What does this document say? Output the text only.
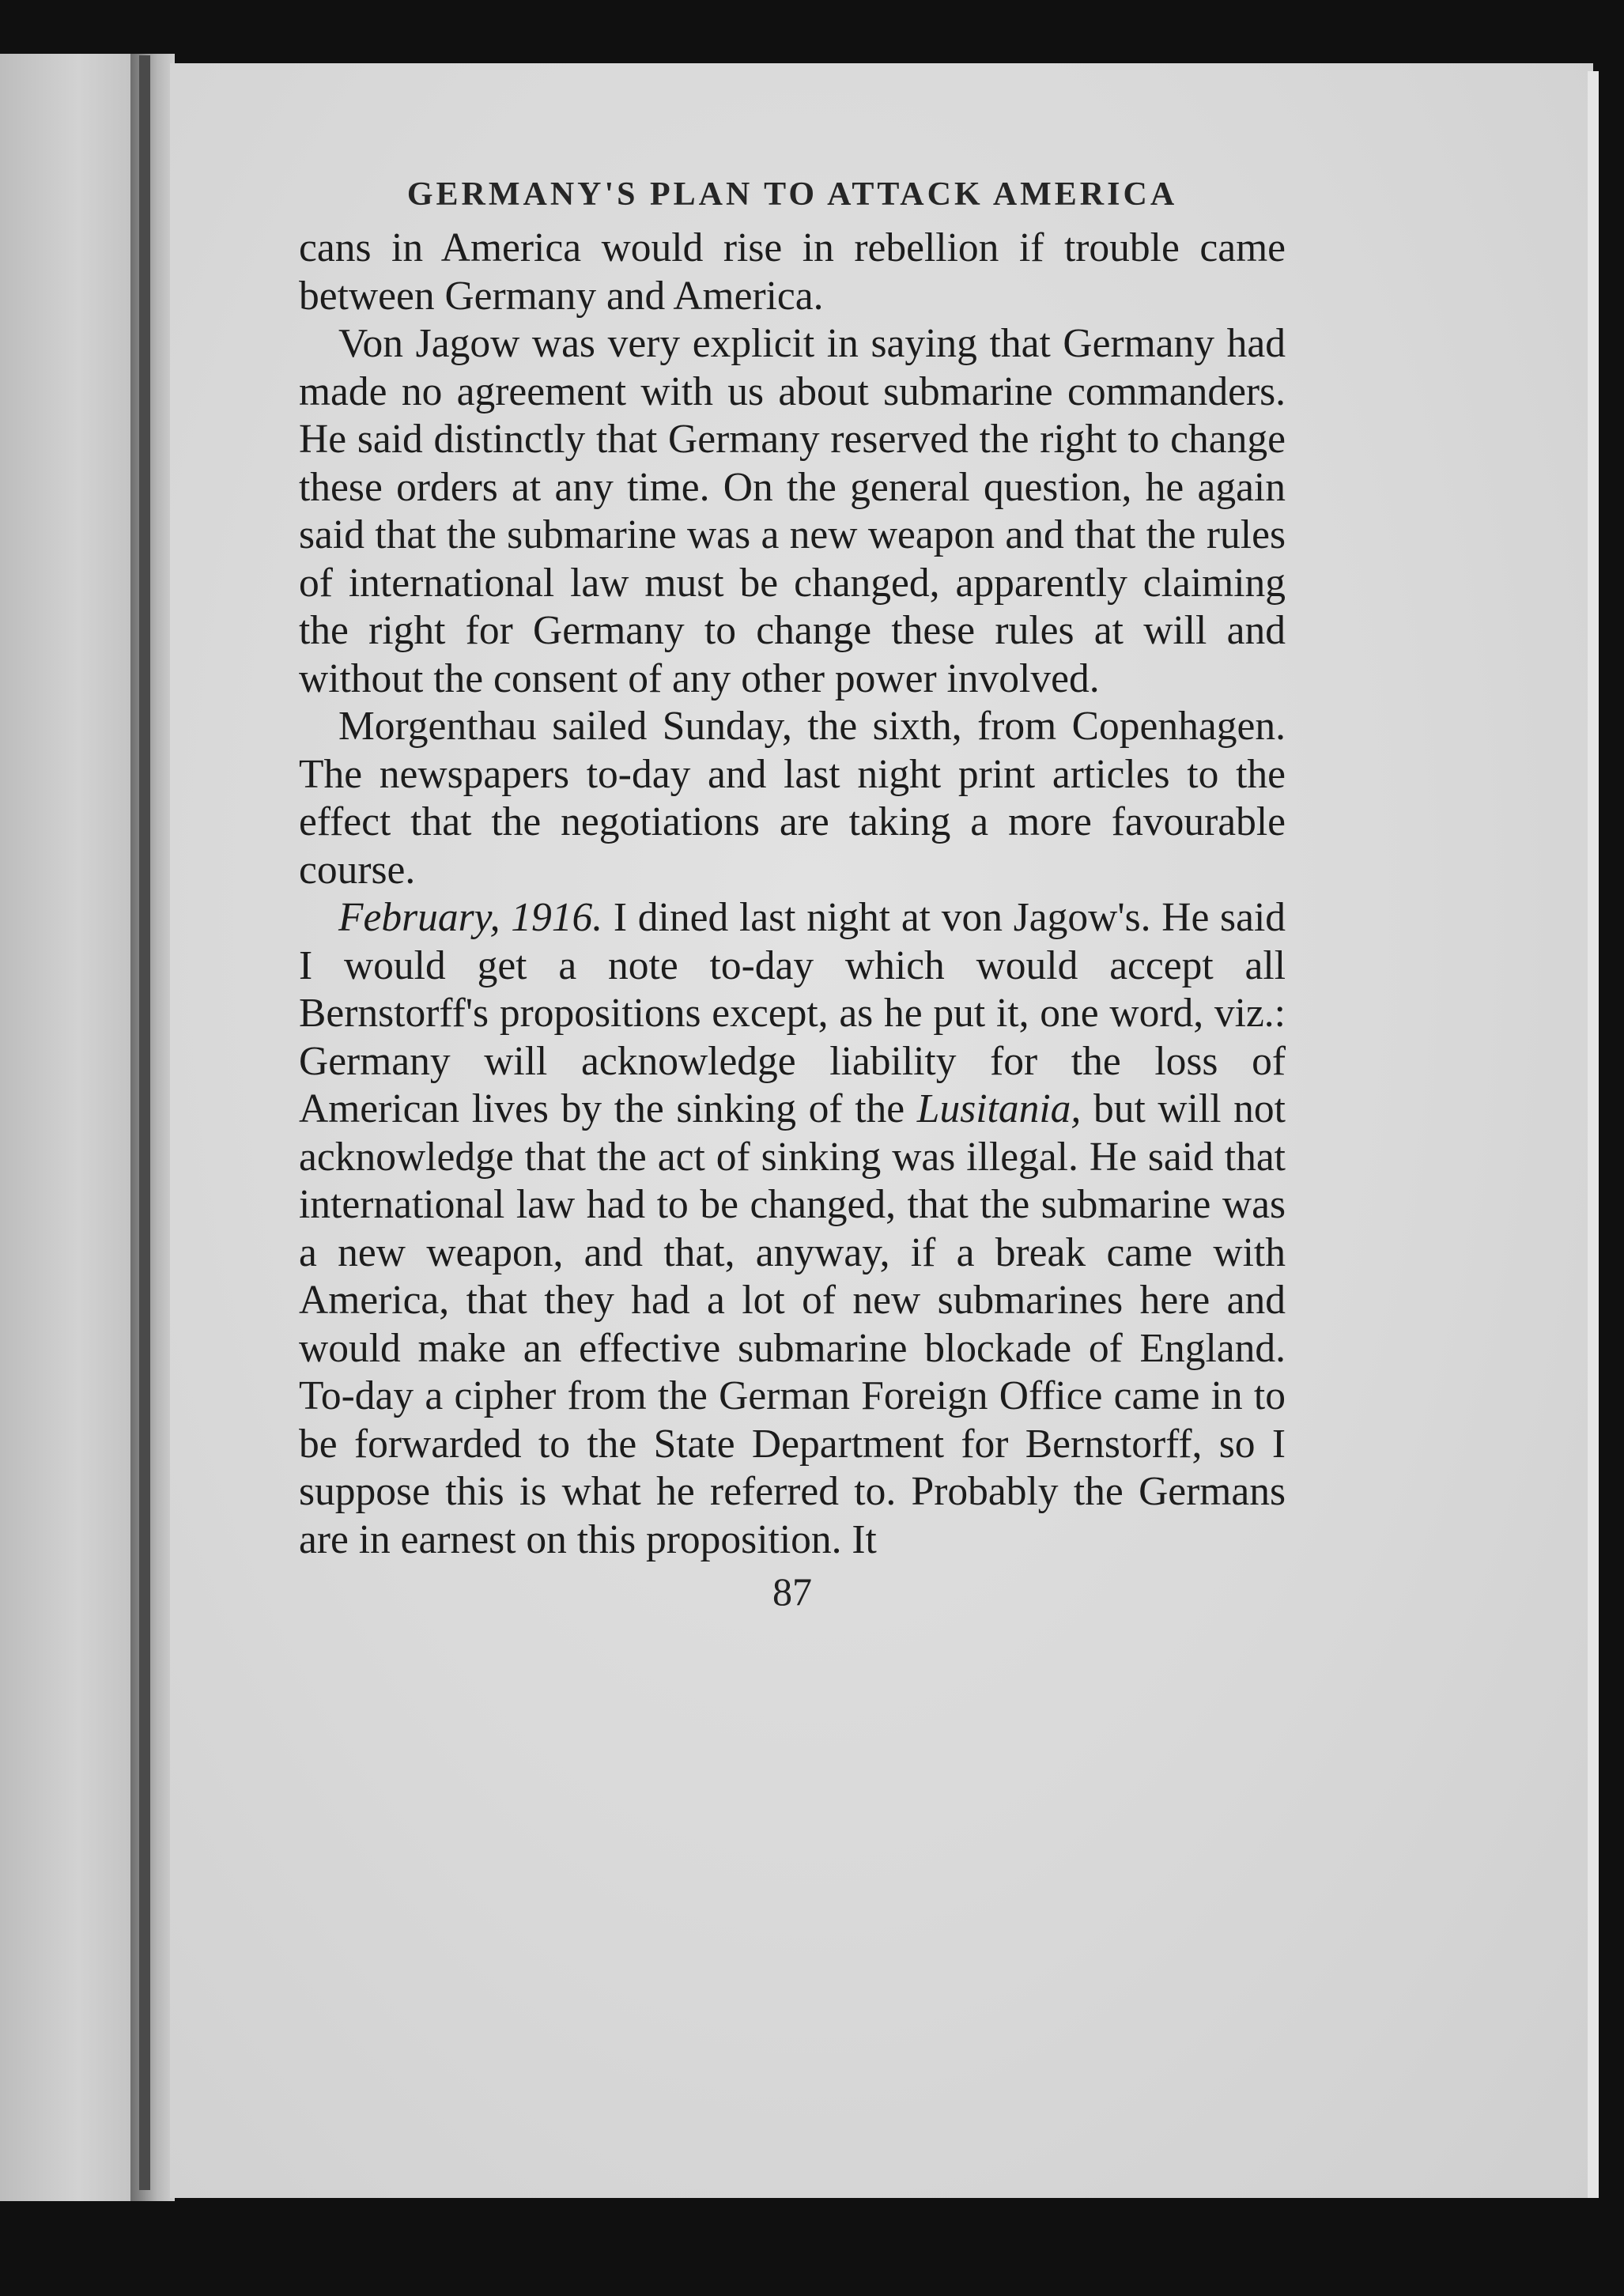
GERMANY'S PLAN TO ATTACK AMERICA

cans in America would rise in rebellion if trouble came between Germany and America.

Von Jagow was very explicit in saying that Germany had made no agreement with us about submarine commanders. He said distinctly that Germany reserved the right to change these orders at any time. On the general question, he again said that the submarine was a new weapon and that the rules of international law must be changed, apparently claiming the right for Germany to change these rules at will and without the consent of any other power involved.

Morgenthau sailed Sunday, the sixth, from Copenhagen. The newspapers to-day and last night print articles to the effect that the negotiations are taking a more favourable course.

February, 1916. I dined last night at von Jagow's. He said I would get a note to-day which would accept all Bernstorff's propositions except, as he put it, one word, viz.: Germany will acknowledge liability for the loss of American lives by the sinking of the Lusitania, but will not acknowledge that the act of sinking was illegal. He said that international law had to be changed, that the submarine was a new weapon, and that, anyway, if a break came with America, that they had a lot of new submarines here and would make an effective submarine blockade of England. To-day a cipher from the German Foreign Office came in to be forwarded to the State Department for Bernstorff, so I suppose this is what he referred to. Probably the Germans are in earnest on this proposition. It

87
